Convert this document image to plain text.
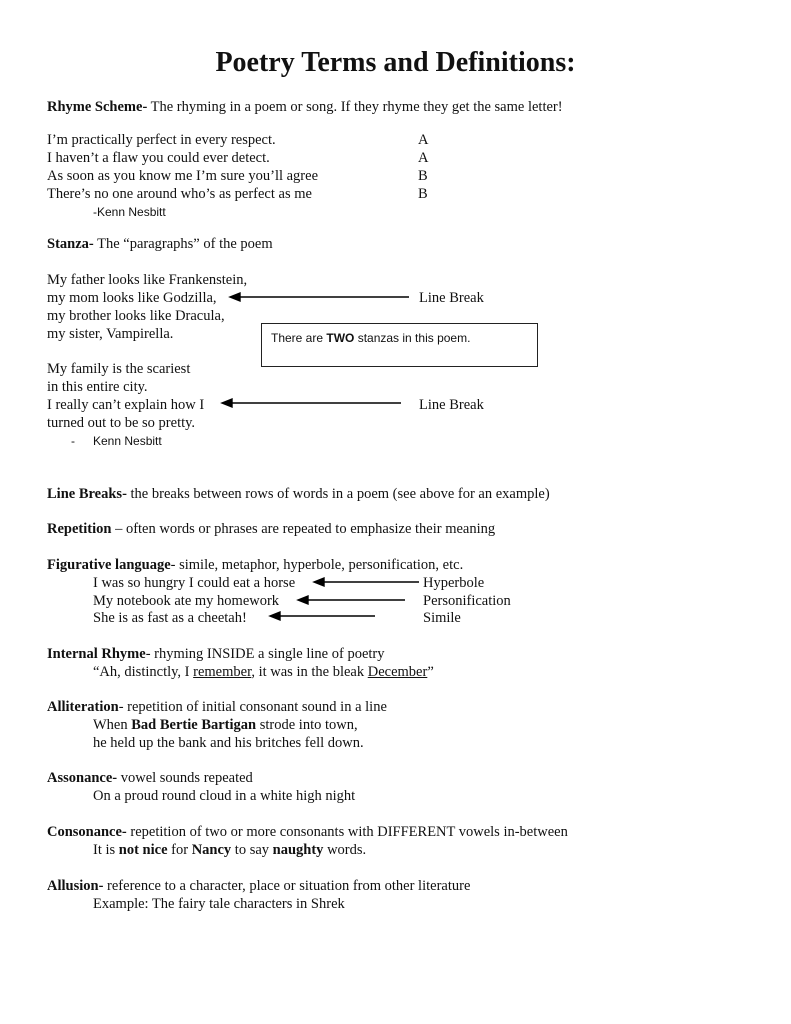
Poetry Terms and Definitions:
Rhyme Scheme- The rhyming in a poem or song. If they rhyme they get the same letter!
I’m practically perfect in every respect.	A
I haven’t a flaw you could ever detect.	A
As soon as you know me I’m sure you’ll agree	B
There’s no one around who’s as perfect as me	B
-Kenn Nesbitt
Stanza- The “paragraphs” of the poem
My father looks like Frankenstein,
my mom looks like Godzilla,
my brother looks like Dracula,
my sister, Vampirella.
Line Break
There are TWO stanzas in this poem.
My family is the scariest
in this entire city.
I really can’t explain how I
turned out to be so pretty.
Line Break
- Kenn Nesbitt
Line Breaks- the breaks between rows of words in a poem (see above for an example)
Repetition – often words or phrases are repeated to emphasize their meaning
Figurative language- simile, metaphor, hyperbole, personification, etc.
I was so hungry I could eat a horse	Hyperbole
My notebook ate my homework	Personification
She is as fast as a cheetah!	Simile
Internal Rhyme- rhyming INSIDE a single line of poetry
“Ah, distinctly, I remember, it was in the bleak December”
Alliteration- repetition of initial consonant sound in a line
When Bad Bertie Bartigan strode into town,
he held up the bank and his britches fell down.
Assonance- vowel sounds repeated
On a proud round cloud in a white high night
Consonance- repetition of two or more consonants with DIFFERENT vowels in-between
It is not nice for Nancy to say naughty words.
Allusion- reference to a character, place or situation from other literature
Example: The fairy tale characters in Shrek
